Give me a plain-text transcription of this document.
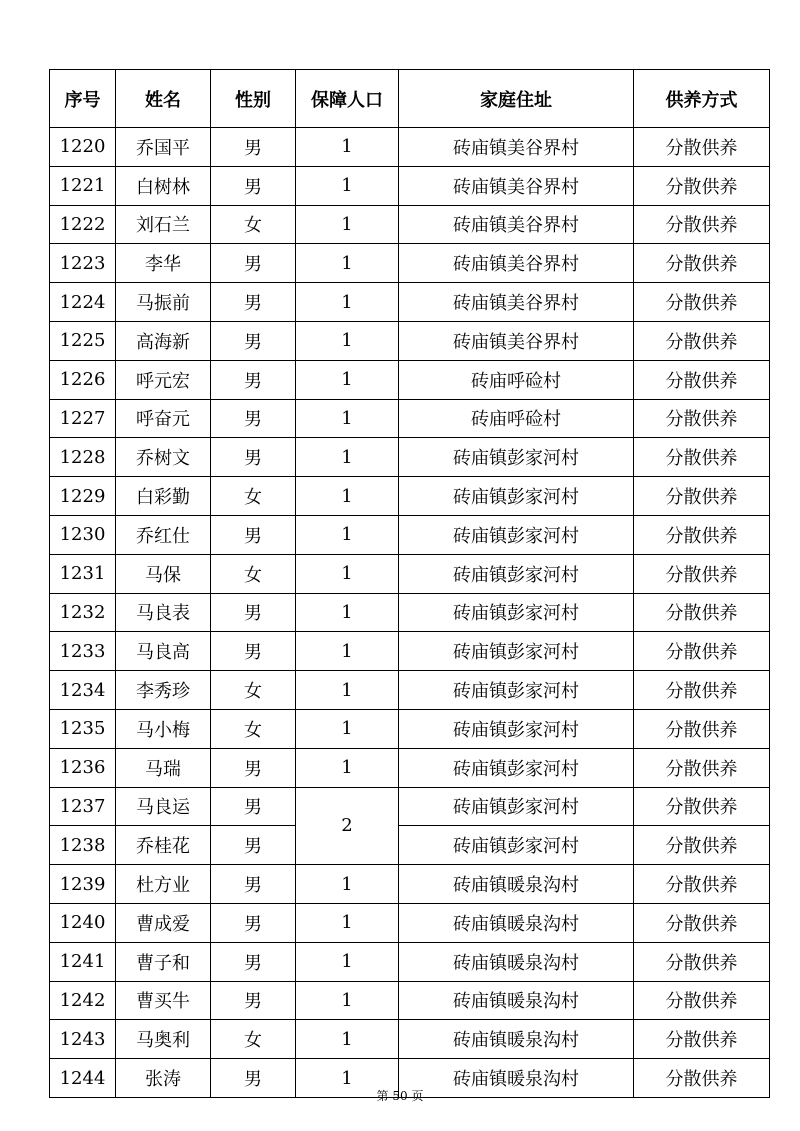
序号	姓名	性别	保障人口	家庭住址	供养方式
1220	乔国平	男	1	砖庙镇美谷界村	分散供养
1221	白树林	男	1	砖庙镇美谷界村	分散供养
1222	刘石兰	女	1	砖庙镇美谷界村	分散供养
1223	李华	男	1	砖庙镇美谷界村	分散供养
1224	马振前	男	1	砖庙镇美谷界村	分散供养
1225	高海新	男	1	砖庙镇美谷界村	分散供养
1226	呼元宏	男	1	砖庙呼硷村	分散供养
1227	呼奋元	男	1	砖庙呼硷村	分散供养
1228	乔树文	男	1	砖庙镇彭家河村	分散供养
1229	白彩勤	女	1	砖庙镇彭家河村	分散供养
1230	乔红仕	男	1	砖庙镇彭家河村	分散供养
1231	马保	女	1	砖庙镇彭家河村	分散供养
1232	马良表	男	1	砖庙镇彭家河村	分散供养
1233	马良高	男	1	砖庙镇彭家河村	分散供养
1234	李秀珍	女	1	砖庙镇彭家河村	分散供养
1235	马小梅	女	1	砖庙镇彭家河村	分散供养
1236	马瑞	男	1	砖庙镇彭家河村	分散供养
1237	马良运	男	2	砖庙镇彭家河村	分散供养
1238	乔桂花	男		砖庙镇彭家河村	分散供养
1239	杜方业	男	1	砖庙镇暖泉沟村	分散供养
1240	曹成爱	男	1	砖庙镇暖泉沟村	分散供养
1241	曹子和	男	1	砖庙镇暖泉沟村	分散供养
1242	曹买牛	男	1	砖庙镇暖泉沟村	分散供养
1243	马奥利	女	1	砖庙镇暖泉沟村	分散供养
1244	张涛	男	1	砖庙镇暖泉沟村	分散供养
第 50 页
